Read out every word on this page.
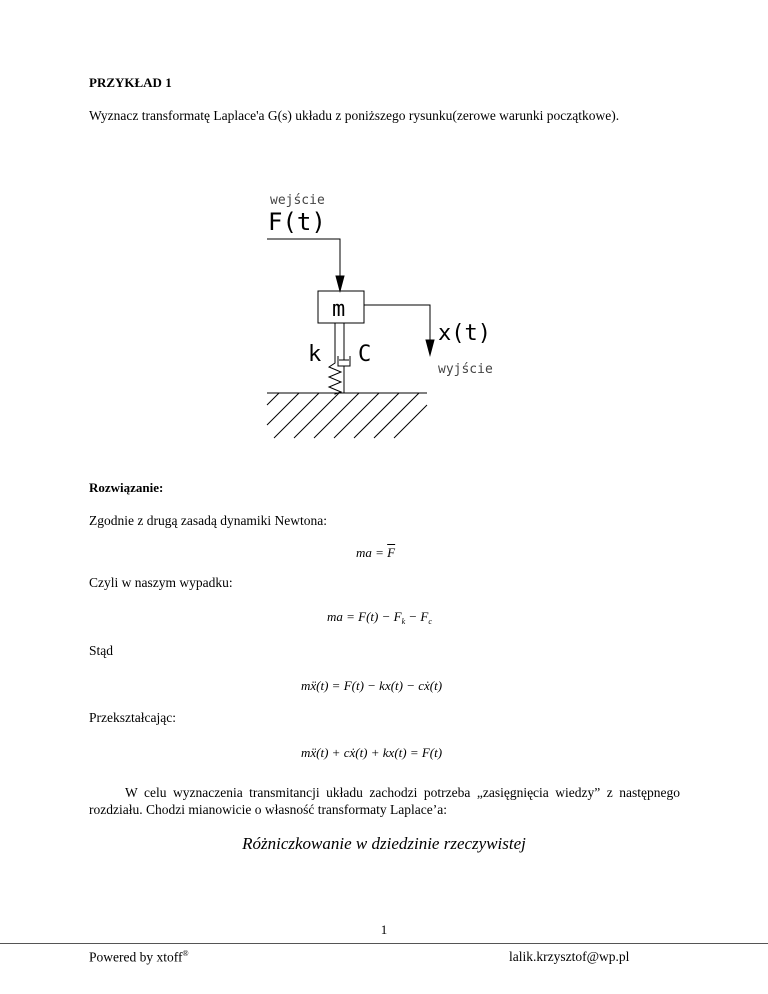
PRZYKŁAD 1
Wyznacz transformatę Laplace'a G(s) układu z poniższego rysunku(zerowe warunki początkowe).
wejście
F(t)
m
k C
x(t)
wyjście
Rozwiązanie:
Zgodnie z drugą zasadą dynamiki Newtona:
ma = $\overline{F}$
Czyli w naszym wypadku:
ma = $F(t) - F_k - F_c$
Stąd
mẍ(t) = F(t) − kx(t) − cẋ(t)
Przekształcając:
mẍ(t) + cẋ(t) + kx(t) = F(t)
W celu wyznaczenia transmitancji układu zachodzi potrzeba „zasięgnięcia wiedzy” z następnego rozdziału. Chodzi mianowicie o własność transformaty Laplace’a:
Różniczkowanie w dziedzinie rzeczywistej
1
Powered by xtoff®	lalik.krzysztof@wp.pl
